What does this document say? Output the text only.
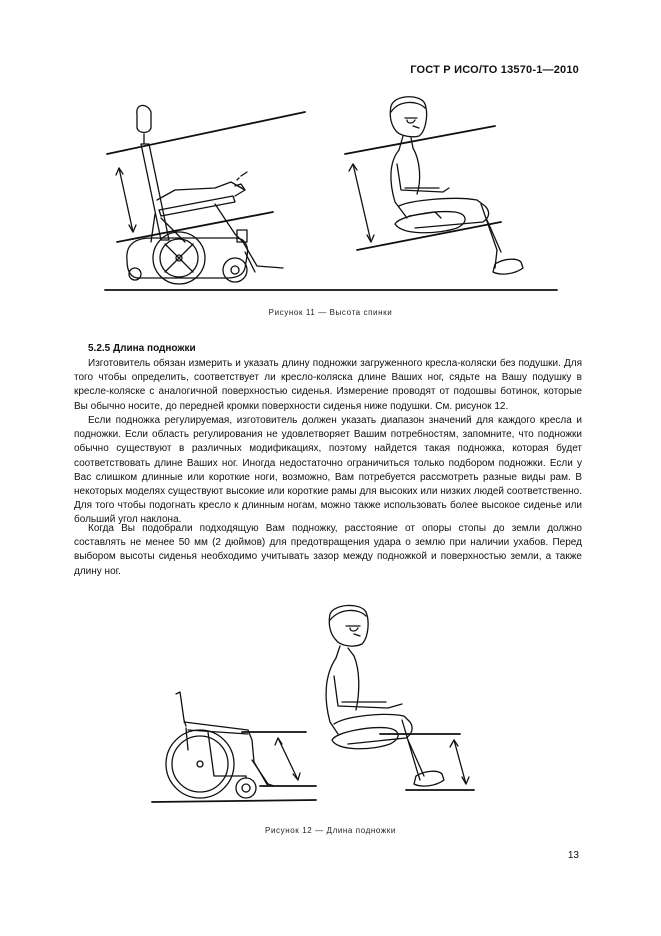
ГОСТ Р ИСО/ТО 13570-1—2010
Рисунок 11 — Высота спинки
5.2.5 Длина подножки

Изготовитель обязан измерить и указать длину подножки загруженного кресла-коляски без подушки. Для того чтобы определить, соответствует ли кресло-коляска длине Ваших ног, сядьте на Вашу подушку в кресле-коляске с аналогичной поверхностью сиденья. Измерение проводят от подошвы ботинок, которые Вы обычно носите, до передней кромки поверхности сиденья ниже подушки. См. рисунок 12.

Если подножка регулируемая, изготовитель должен указать диапазон значений для каждого кресла и подножки. Если область регулирования не удовлетворяет Вашим потребностям, запомните, что подножки обычно существуют в различных модификациях, поэтому найдется такая подножка, которая будет соответствовать длине Ваших ног. Иногда недостаточно ограничиться только подбором подножки. Если у Вас слишком длинные или короткие ноги, возможно, Вам потребуется рассмотреть разные виды рам. В некоторых моделях существуют высокие или короткие рамы для высоких или низких людей соответственно. Для того чтобы подогнать кресло к длинным ногам, можно также использовать более высокое сиденье или больший угол наклона.

Когда Вы подобрали подходящую Вам подножку, расстояние от опоры стопы до земли должно составлять не менее 50 мм (2 дюймов) для предотвращения удара о землю при наличии ухабов. Перед выбором высоты сиденья необходимо учитывать зазор между подножкой и поверхностью земли, а также длину ног.

Рисунок 12 — Длина подножки
13
